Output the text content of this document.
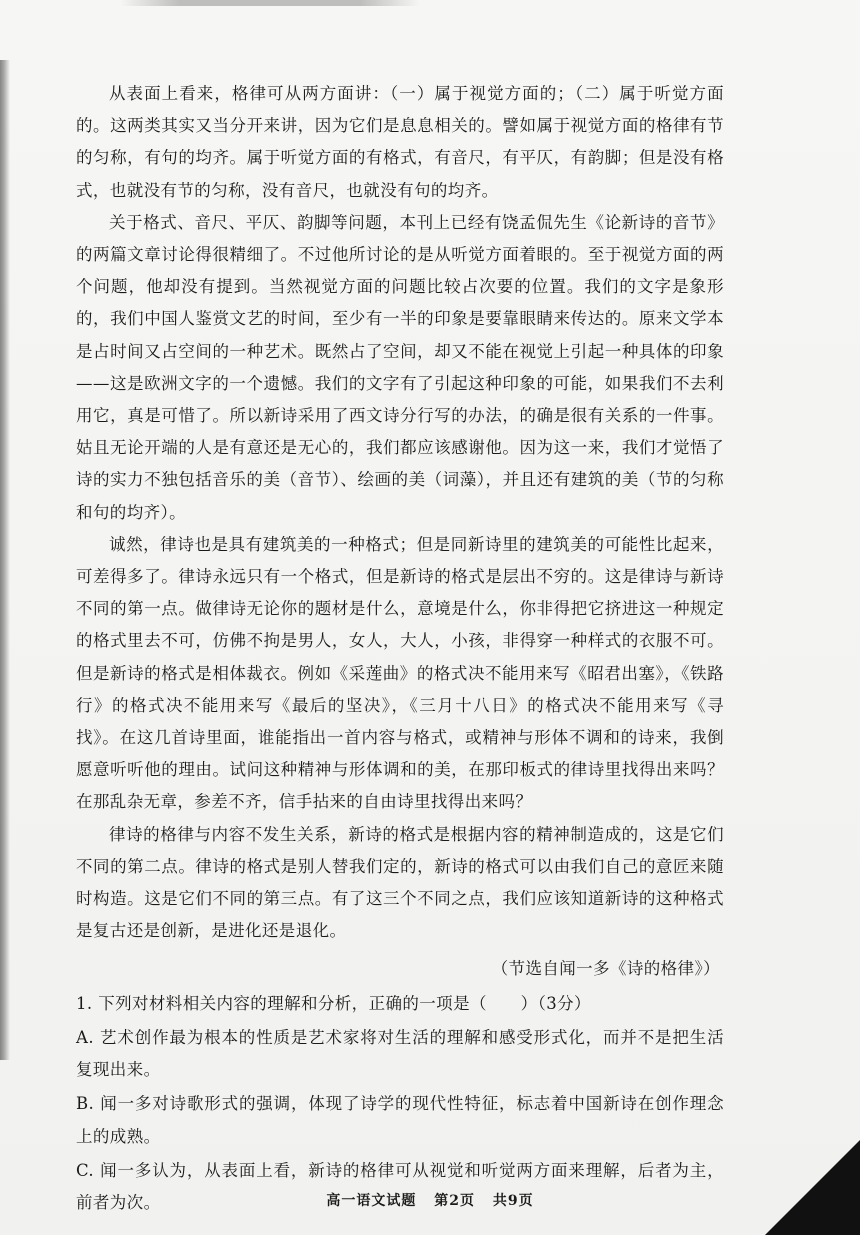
从表面上看来，格律可从两方面讲：（一）属于视觉方面的；（二）属于听觉方面的。这两类其实又当分开来讲，因为它们是息息相关的。譬如属于视觉方面的格律有节的匀称，有句的均齐。属于听觉方面的有格式，有音尺，有平仄，有韵脚；但是没有格式，也就没有节的匀称，没有音尺，也就没有句的均齐。

关于格式、音尺、平仄、韵脚等问题，本刊上已经有饶孟侃先生《论新诗的音节》的两篇文章讨论得很精细了。不过他所讨论的是从听觉方面着眼的。至于视觉方面的两个问题，他却没有提到。当然视觉方面的问题比较占次要的位置。我们的文字是象形的，我们中国人鉴赏文艺的时间，至少有一半的印象是要靠眼睛来传达的。原来文学本是占时间又占空间的一种艺术。既然占了空间，却又不能在视觉上引起一种具体的印象——这是欧洲文字的一个遗憾。我们的文字有了引起这种印象的可能，如果我们不去利用它，真是可惜了。所以新诗采用了西文诗分行写的办法，的确是很有关系的一件事。姑且无论开端的人是有意还是无心的，我们都应该感谢他。因为这一来，我们才觉悟了诗的实力不独包括音乐的美（音节）、绘画的美（词藻），并且还有建筑的美（节的匀称和句的均齐）。

诚然，律诗也是具有建筑美的一种格式；但是同新诗里的建筑美的可能性比起来，可差得多了。律诗永远只有一个格式，但是新诗的格式是层出不穷的。这是律诗与新诗不同的第一点。做律诗无论你的题材是什么，意境是什么，你非得把它挤进这一种规定的格式里去不可，仿佛不拘是男人，女人，大人，小孩，非得穿一种样式的衣服不可。但是新诗的格式是相体裁衣。例如《采莲曲》的格式决不能用来写《昭君出塞》，《铁路行》的格式决不能用来写《最后的坚决》，《三月十八日》的格式决不能用来写《寻找》。在这几首诗里面，谁能指出一首内容与格式，或精神与形体不调和的诗来，我倒愿意听听他的理由。试问这种精神与形体调和的美，在那印板式的律诗里找得出来吗？在那乱杂无章，参差不齐，信手拈来的自由诗里找得出来吗？

律诗的格律与内容不发生关系，新诗的格式是根据内容的精神制造成的，这是它们不同的第二点。律诗的格式是别人替我们定的，新诗的格式可以由我们自己的意匠来随时构造。这是它们不同的第三点。有了这三个不同之点，我们应该知道新诗的这种格式是复古还是创新，是进化还是退化。

（节选自闻一多《诗的格律》）

1. 下列对材料相关内容的理解和分析，正确的一项是（　　）（3分）

A. 艺术创作最为根本的性质是艺术家将对生活的理解和感受形式化，而并不是把生活复现出来。

B. 闻一多对诗歌形式的强调，体现了诗学的现代性特征，标志着中国新诗在创作理念上的成熟。

C. 闻一多认为，从表面上看，新诗的格律可从视觉和听觉两方面来理解，后者为主，前者为次。	高一语文试题 第2页 共9页
